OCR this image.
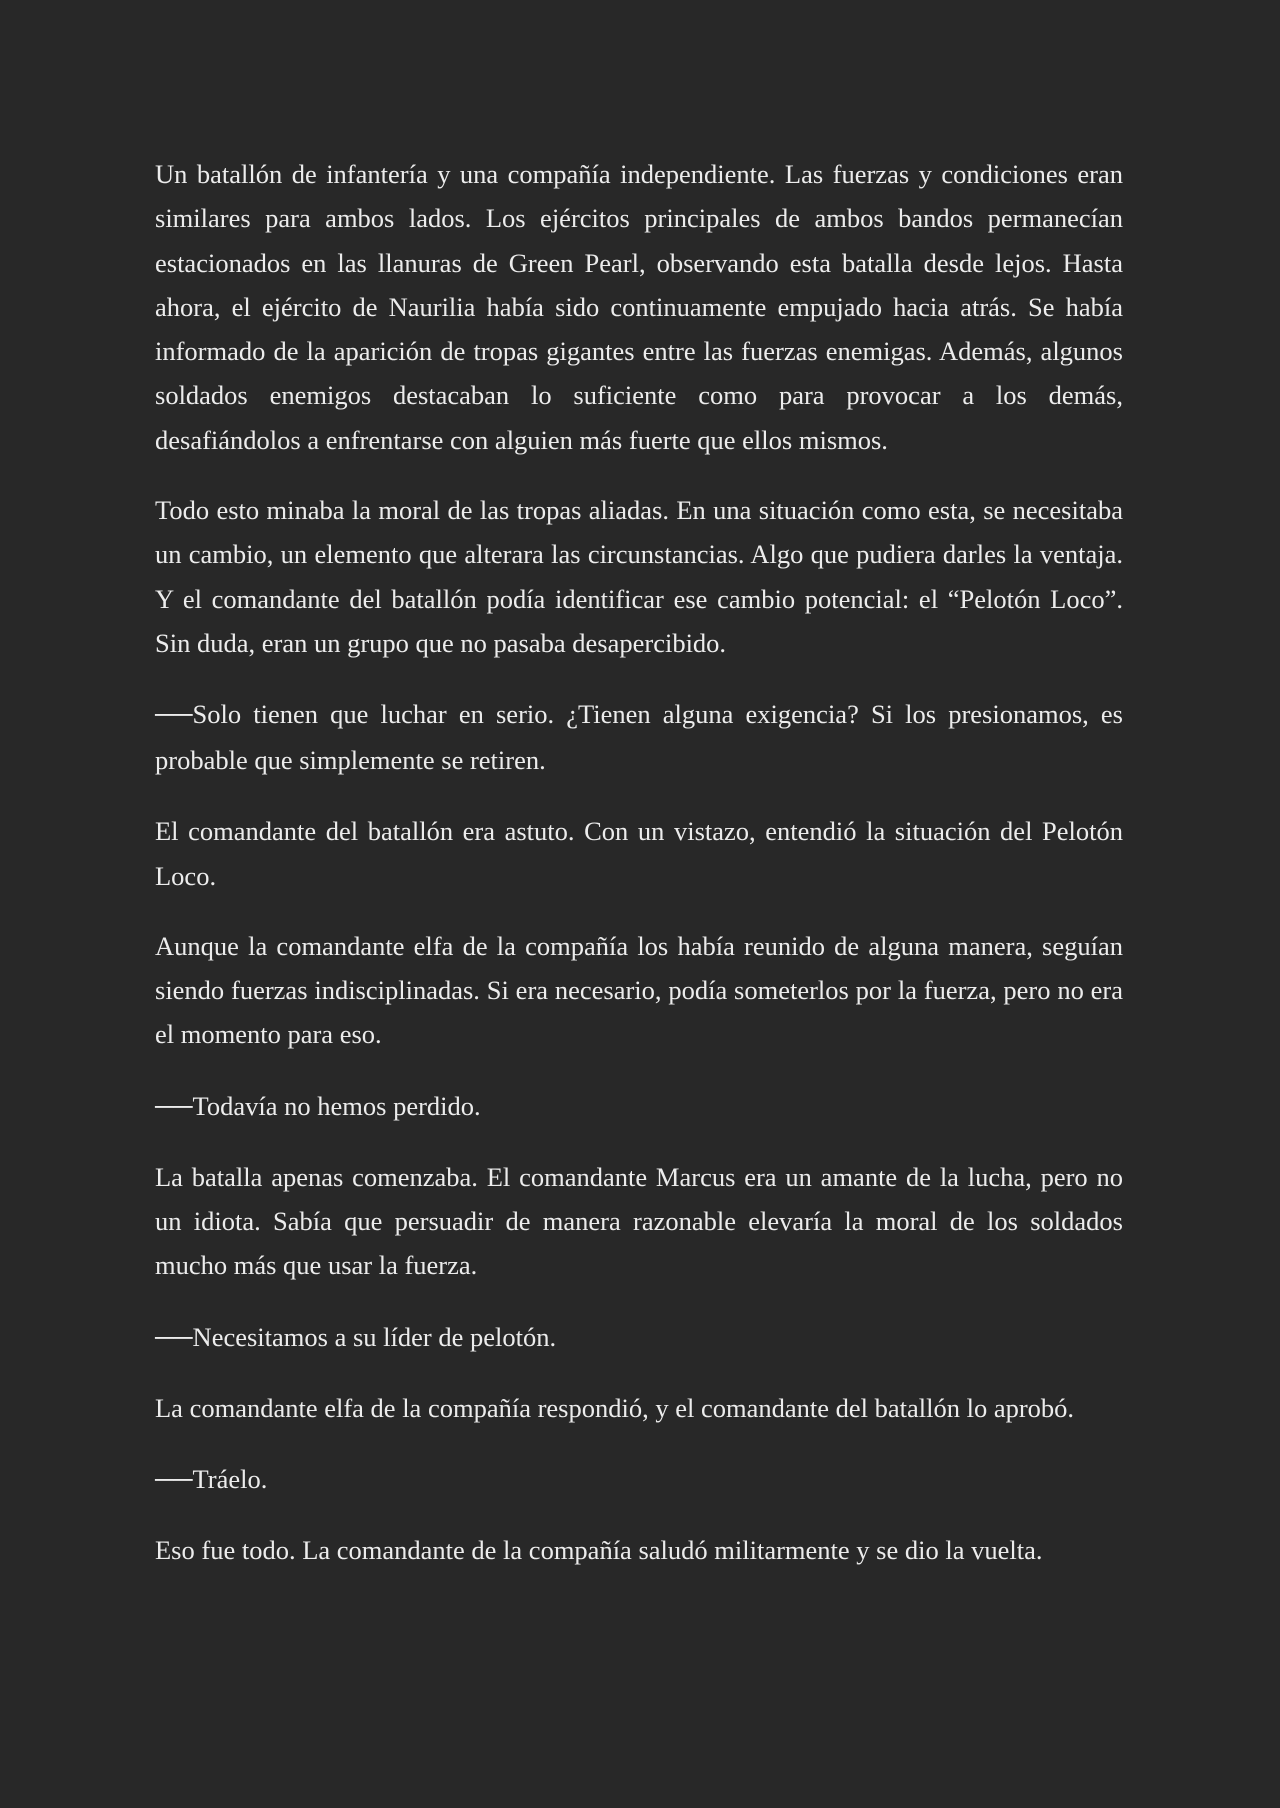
Un batallón de infantería y una compañía independiente. Las fuerzas y condiciones eran similares para ambos lados. Los ejércitos principales de ambos bandos permanecían estacionados en las llanuras de Green Pearl, observando esta batalla desde lejos. Hasta ahora, el ejército de Naurilia había sido continuamente empujado hacia atrás. Se había informado de la aparición de tropas gigantes entre las fuerzas enemigas. Además, algunos soldados enemigos destacaban lo suficiente como para provocar a los demás, desafiándolos a enfrentarse con alguien más fuerte que ellos mismos.

Todo esto minaba la moral de las tropas aliadas. En una situación como esta, se necesitaba un cambio, un elemento que alterara las circunstancias. Algo que pudiera darles la ventaja. Y el comandante del batallón podía identificar ese cambio potencial: el “Pelotón Loco”. Sin duda, eran un grupo que no pasaba desapercibido.

──Solo tienen que luchar en serio. ¿Tienen alguna exigencia? Si los presionamos, es probable que simplemente se retiren.

El comandante del batallón era astuto. Con un vistazo, entendió la situación del Pelotón Loco.

Aunque la comandante elfa de la compañía los había reunido de alguna manera, seguían siendo fuerzas indisciplinadas. Si era necesario, podía someterlos por la fuerza, pero no era el momento para eso.

──Todavía no hemos perdido.

La batalla apenas comenzaba. El comandante Marcus era un amante de la lucha, pero no un idiota. Sabía que persuadir de manera razonable elevaría la moral de los soldados mucho más que usar la fuerza.

──Necesitamos a su líder de pelotón.

La comandante elfa de la compañía respondió, y el comandante del batallón lo aprobó.

──Tráelo.

Eso fue todo. La comandante de la compañía saludó militarmente y se dio la vuelta.
